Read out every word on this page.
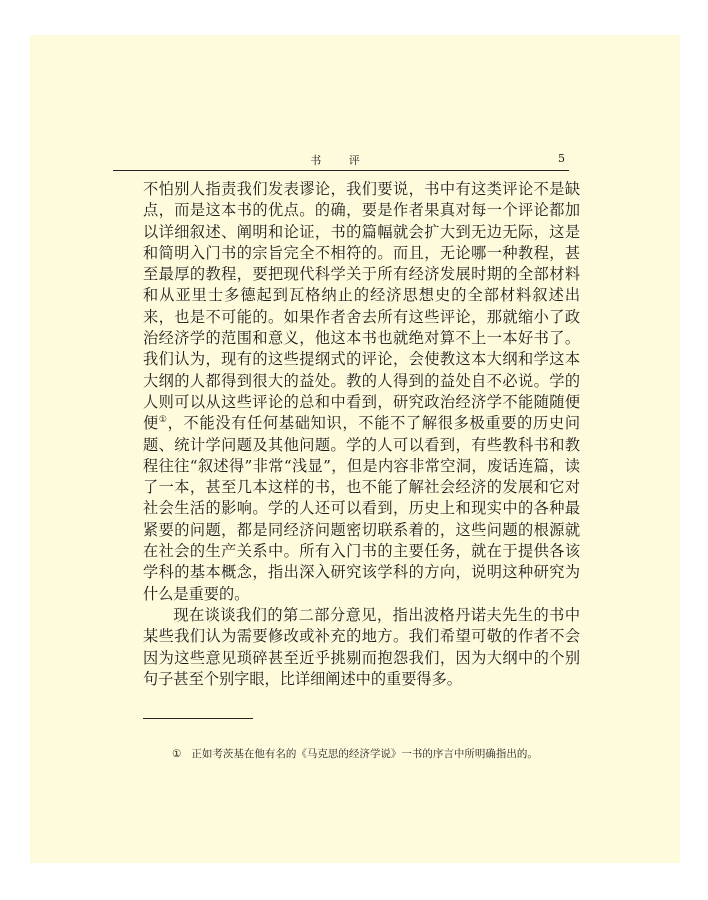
书 评	5

不怕别人指责我们发表谬论，我们要说，书中有这类评论不是缺点，而是这本书的优点。的确，要是作者果真对每一个评论都加以详细叙述、阐明和论证，书的篇幅就会扩大到无边无际，这是和简明入门书的宗旨完全不相符的。而且，无论哪一种教程，甚至最厚的教程，要把现代科学关于所有经济发展时期的全部材料和从亚里士多德起到瓦格纳止的经济思想史的全部材料叙述出来，也是不可能的。如果作者舍去所有这些评论，那就缩小了政治经济学的范围和意义，他这本书也就绝对算不上一本好书了。我们认为，现有的这些提纲式的评论，会使教这本大纲和学这本大纲的人都得到很大的益处。教的人得到的益处自不必说。学的人则可以从这些评论的总和中看到，研究政治经济学不能随随便便①，不能没有任何基础知识，不能不了解很多极重要的历史问题、统计学问题及其他问题。学的人可以看到，有些教科书和教程往往“叙述得”非常“浅显”，但是内容非常空洞，废话连篇，读了一本，甚至几本这样的书，也不能了解社会经济的发展和它对社会生活的影响。学的人还可以看到，历史上和现实中的各种最紧要的问题，都是同经济问题密切联系着的，这些问题的根源就在社会的生产关系中。所有入门书的主要任务，就在于提供各该学科的基本概念，指出深入研究该学科的方向，说明这种研究为什么是重要的。

现在谈谈我们的第二部分意见，指出波格丹诺夫先生的书中某些我们认为需要修改或补充的地方。我们希望可敬的作者不会因为这些意见琐碎甚至近乎挑剔而抱怨我们，因为大纲中的个别句子甚至个别字眼，比详细阐述中的重要得多。

① 正如考茨基在他有名的《马克思的经济学说》一书的序言中所明确指出的。
